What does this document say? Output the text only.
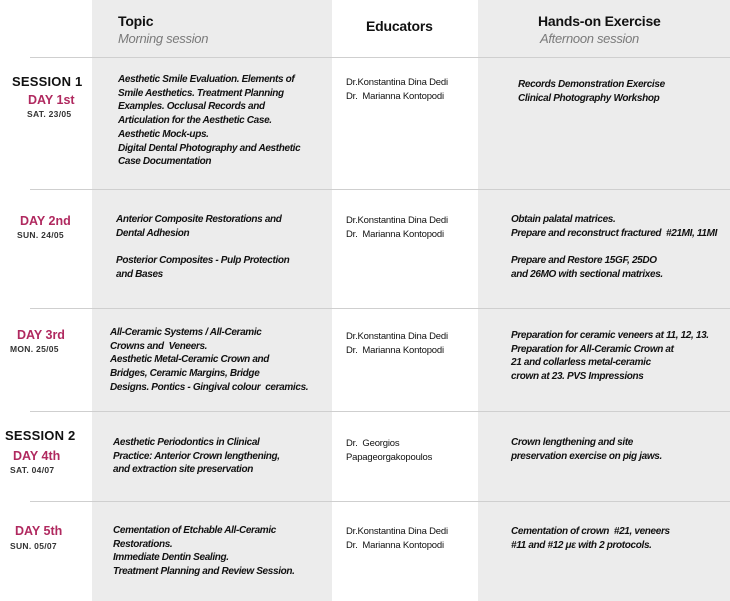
Topic
Morning session
Educators	Hands-on Exercise
Afternoon session
SESSION 1
DAY 1st
SAT. 23/05
Aesthetic Smile Evaluation. Elements of
Smile Aesthetics. Treatment Planning
Examples. Occlusal Records and
Articulation for the Aesthetic Case.
Aesthetic Mock-ups.
Digital Dental Photography and Aesthetic
Case Documentation
Dr.Konstantina Dina Dedi
Dr.  Marianna Kontopodi
Records Demonstration Exercise
Clinical Photography Workshop
DAY 2nd
SUN. 24/05
Anterior Composite Restorations and
Dental Adhesion

Posterior Composites - Pulp Protection
and Bases
Dr.Konstantina Dina Dedi
Dr.  Marianna Kontopodi
Obtain palatal matrices.
Prepare and reconstruct fractured  #21MI, 11MI

Prepare and Restore 15GF, 25DO
and 26MO with sectional matrixes.
DAY 3rd
MON. 25/05
All-Ceramic Systems / All-Ceramic
Crowns and  Veneers.
Aesthetic Metal-Ceramic Crown and
Bridges, Ceramic Margins, Bridge
Designs. Pontics - Gingival colour  ceramics.
Dr.Konstantina Dina Dedi
Dr.  Marianna Kontopodi
Preparation for ceramic veneers at 11, 12, 13.
Preparation for All-Ceramic Crown at
21 and collarless metal-ceramic
crown at 23. PVS Impressions
SESSION 2
DAY 4th
SAT. 04/07
Aesthetic Periodontics in Clinical
Practice: Anterior Crown lengthening,
and extraction site preservation
Dr.  Georgios
Papageorgakopoulos
Crown lengthening and site
preservation exercise on pig jaws.
DAY 5th
SUN. 05/07
Cementation of Etchable All-Ceramic
Restorations.
Immediate Dentin Sealing.
Treatment Planning and Review Session.
Dr.Konstantina Dina Dedi
Dr.  Marianna Kontopodi
Cementation of crown  #21, veneers
#11 and #12 με with 2 protocols.
